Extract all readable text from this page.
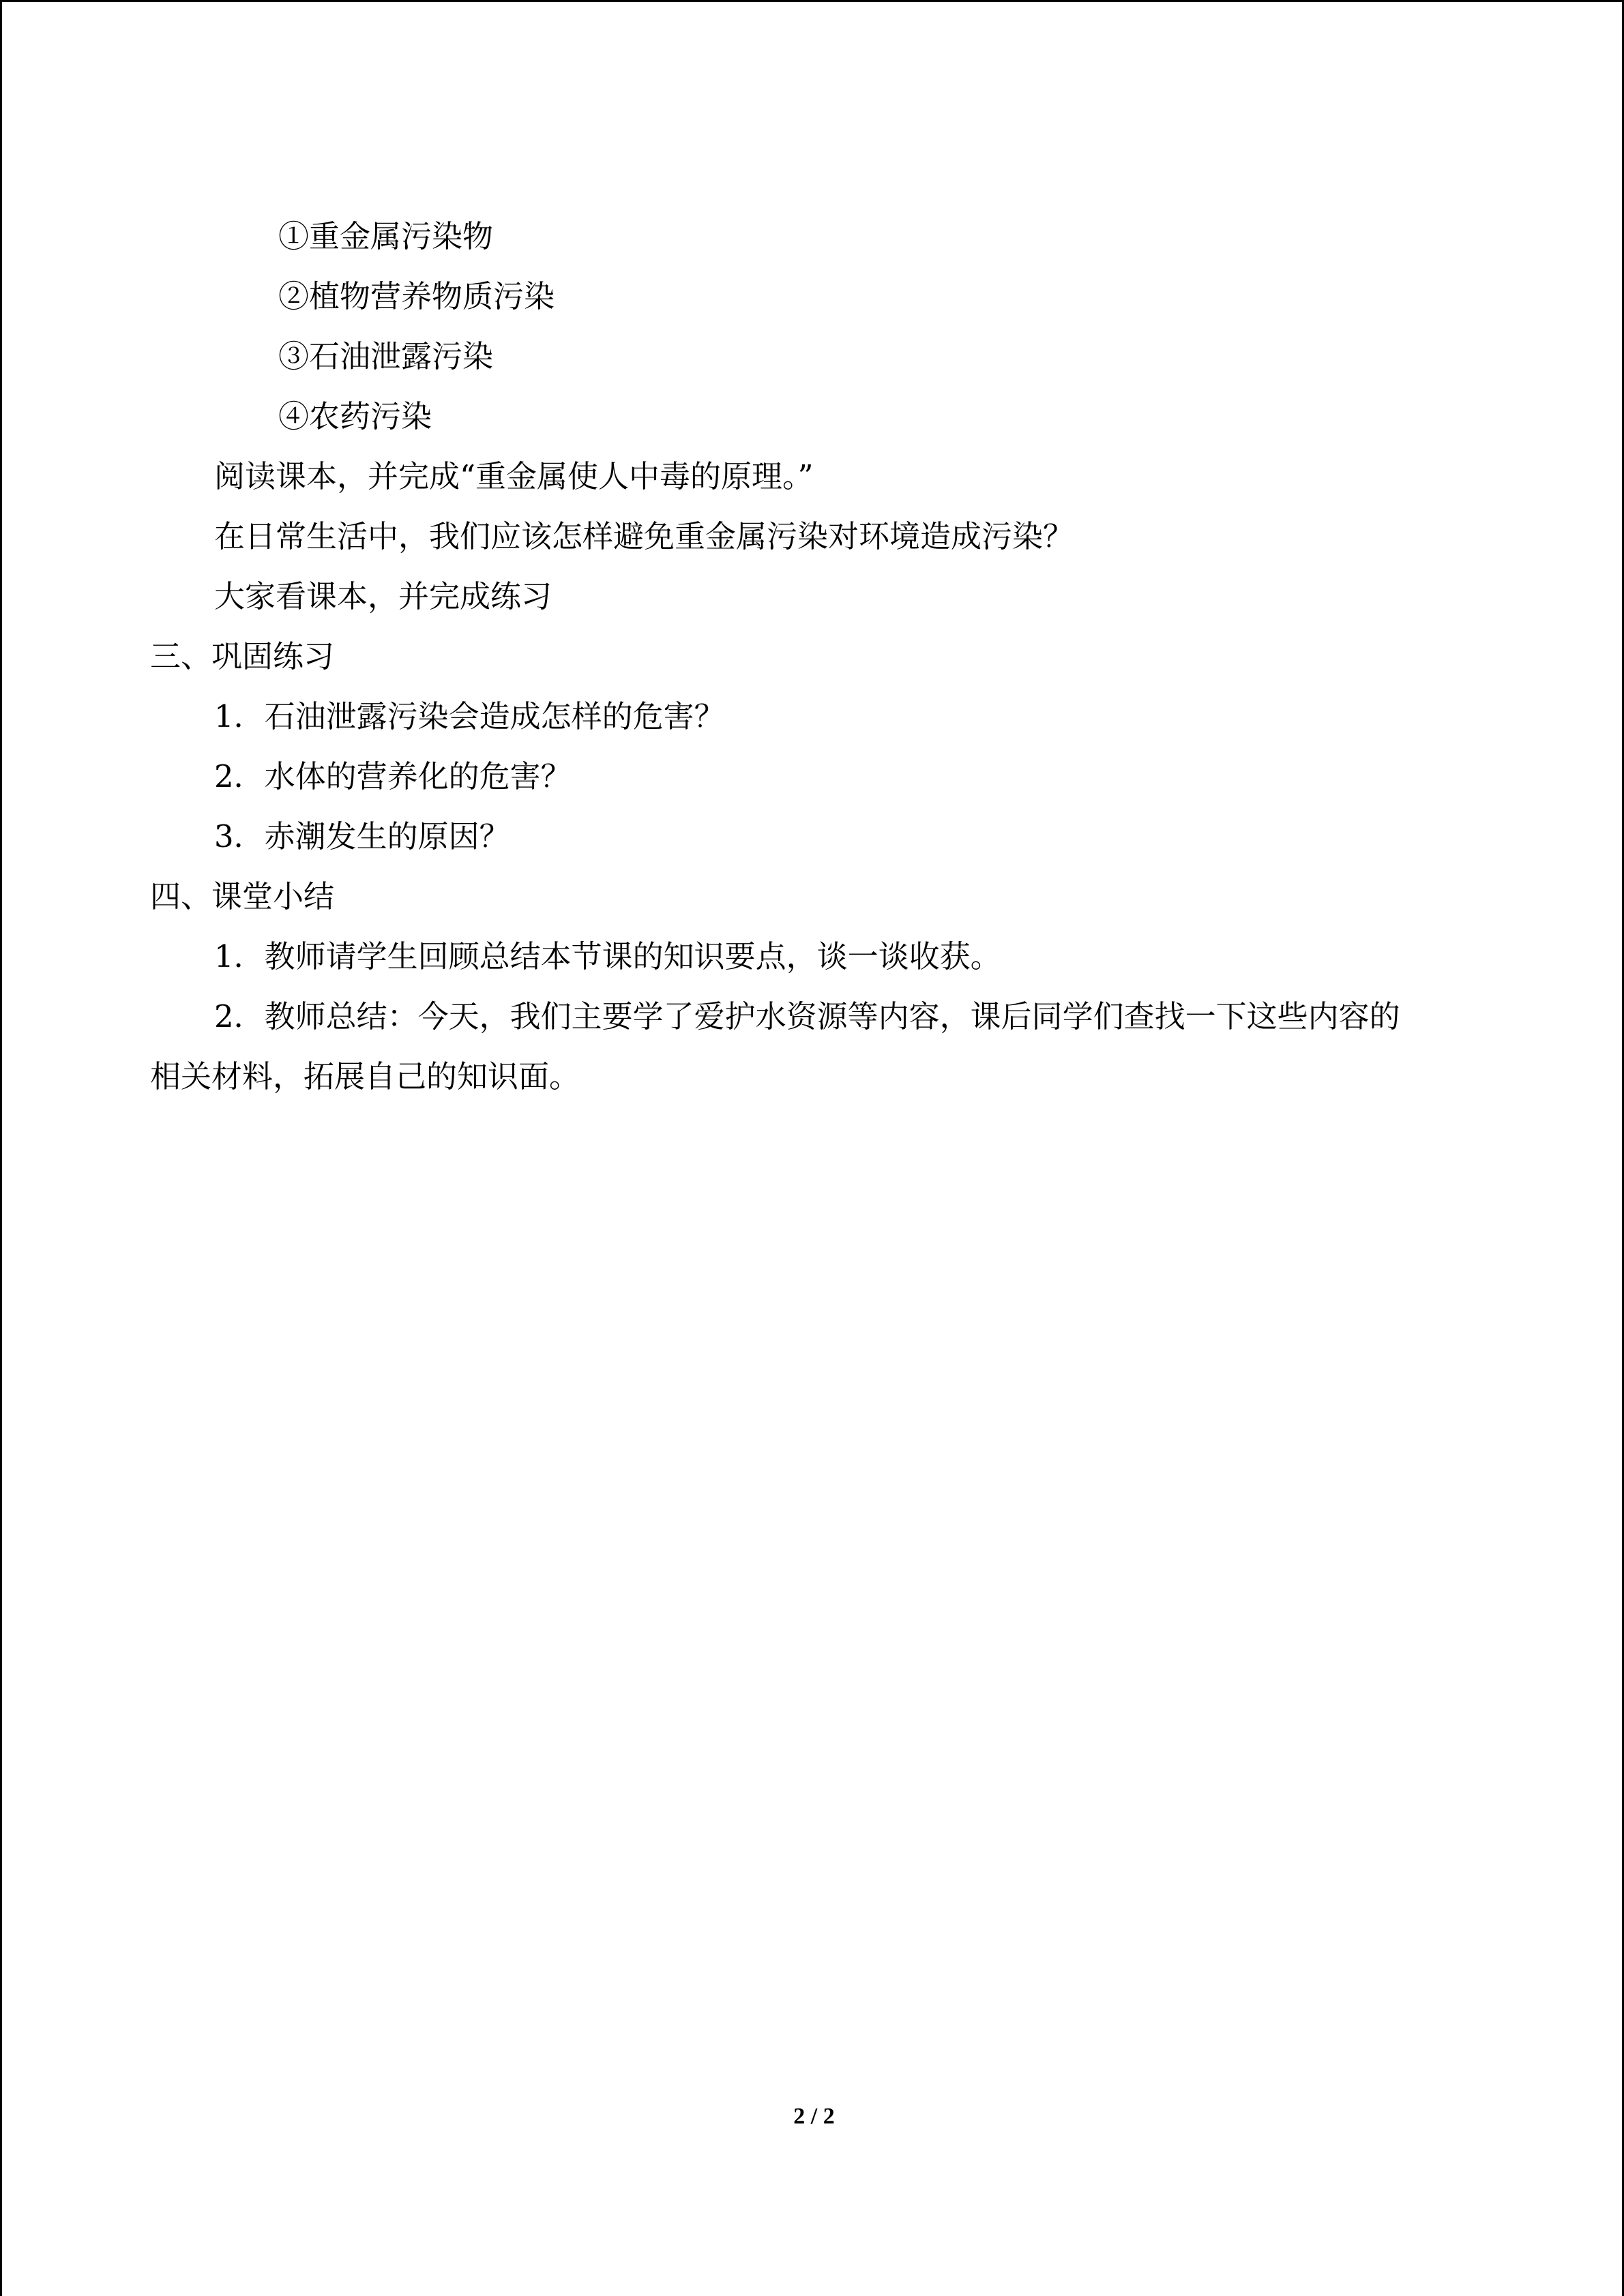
①重金属污染物
②植物营养物质污染
③石油泄露污染
④农药污染
阅读课本，并完成“重金属使人中毒的原理。”
在日常生活中，我们应该怎样避免重金属污染对环境造成污染？
大家看课本，并完成练习
三、巩固练习
1．石油泄露污染会造成怎样的危害？
2．水体的营养化的危害？
3．赤潮发生的原因？
四、课堂小结
1．教师请学生回顾总结本节课的知识要点，谈一谈收获。
2．教师总结：今天，我们主要学了爱护水资源等内容，课后同学们查找一下这些内容的
相关材料，拓展自己的知识面。
2 / 2
